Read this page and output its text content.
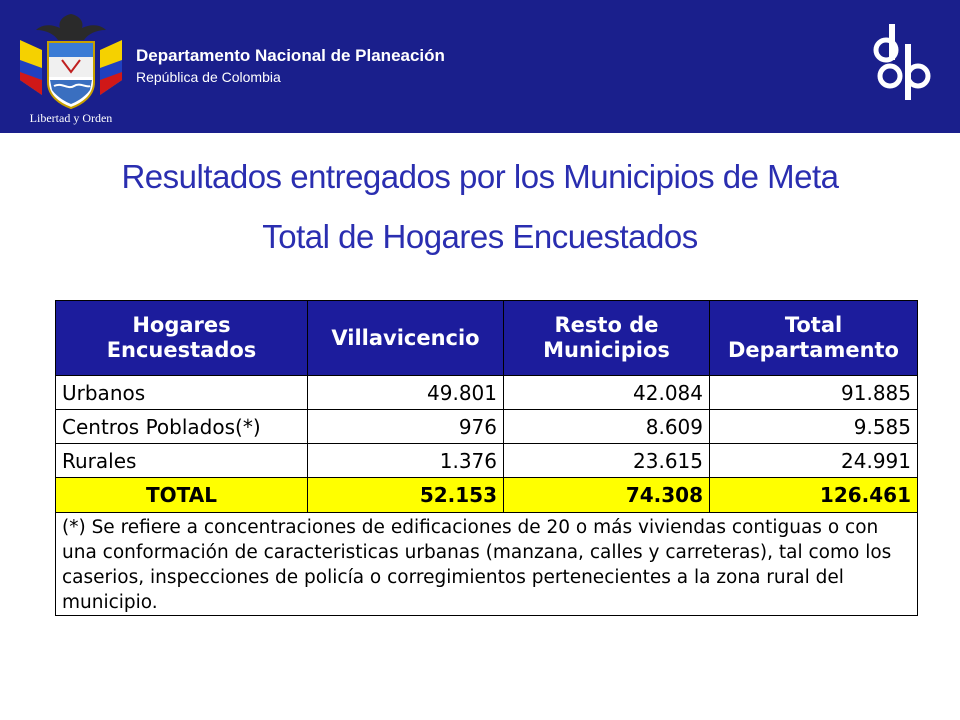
Libertad y Orden
Departamento Nacional de Planeación
República de Colombia
Resultados entregados por los Municipios de Meta
Total de Hogares Encuestados
Hogares Encuestados	Villavicencio	Resto de Municipios	Total Departamento
Urbanos	49.801	42.084	91.885
Centros Poblados(*)	976	8.609	9.585
Rurales	1.376	23.615	24.991
TOTAL	52.153	74.308	126.461
(*) Se refiere a concentraciones de edificaciones de 20 o más viviendas contiguas o con una conformación de caracteristicas urbanas (manzana, calles y carreteras), tal como los caserios, inspecciones de policía o corregimientos pertenecientes a la zona rural del municipio.			
